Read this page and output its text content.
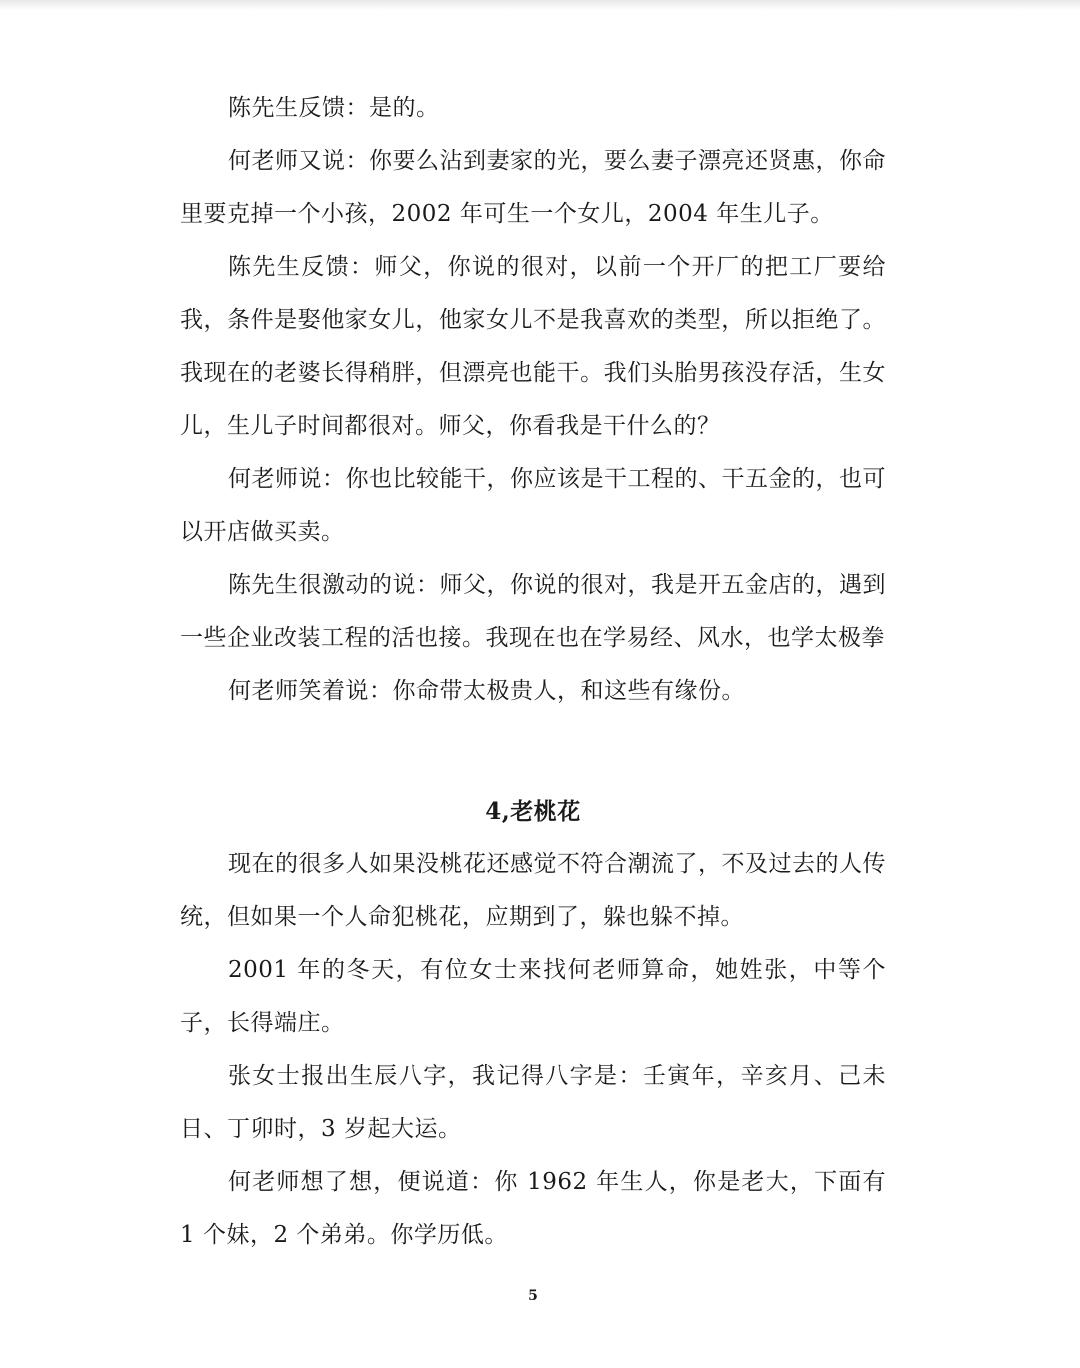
陈先生反馈：是的。

何老师又说：你要么沾到妻家的光，要么妻子漂亮还贤惠，你命里要克掉一个小孩，2002 年可生一个女儿，2004 年生儿子。

陈先生反馈：师父，你说的很对，以前一个开厂的把工厂要给我，条件是娶他家女儿，他家女儿不是我喜欢的类型，所以拒绝了。我现在的老婆长得稍胖，但漂亮也能干。我们头胎男孩没存活，生女儿，生儿子时间都很对。师父，你看我是干什么的？

何老师说：你也比较能干，你应该是干工程的、干五金的，也可以开店做买卖。

陈先生很激动的说：师父，你说的很对，我是开五金店的，遇到一些企业改装工程的活也接。我现在也在学易经、风水，也学太极拳

何老师笑着说：你命带太极贵人，和这些有缘份。

4,老桃花

现在的很多人如果没桃花还感觉不符合潮流了，不及过去的人传统，但如果一个人命犯桃花，应期到了，躲也躲不掉。

2001 年的冬天，有位女士来找何老师算命，她姓张，中等个子，长得端庄。

张女士报出生辰八字，我记得八字是：壬寅年，辛亥月、己未日、丁卯时，3 岁起大运。

何老师想了想，便说道：你 1962 年生人，你是老大，下面有 1 个妹，2 个弟弟。你学历低。

5
